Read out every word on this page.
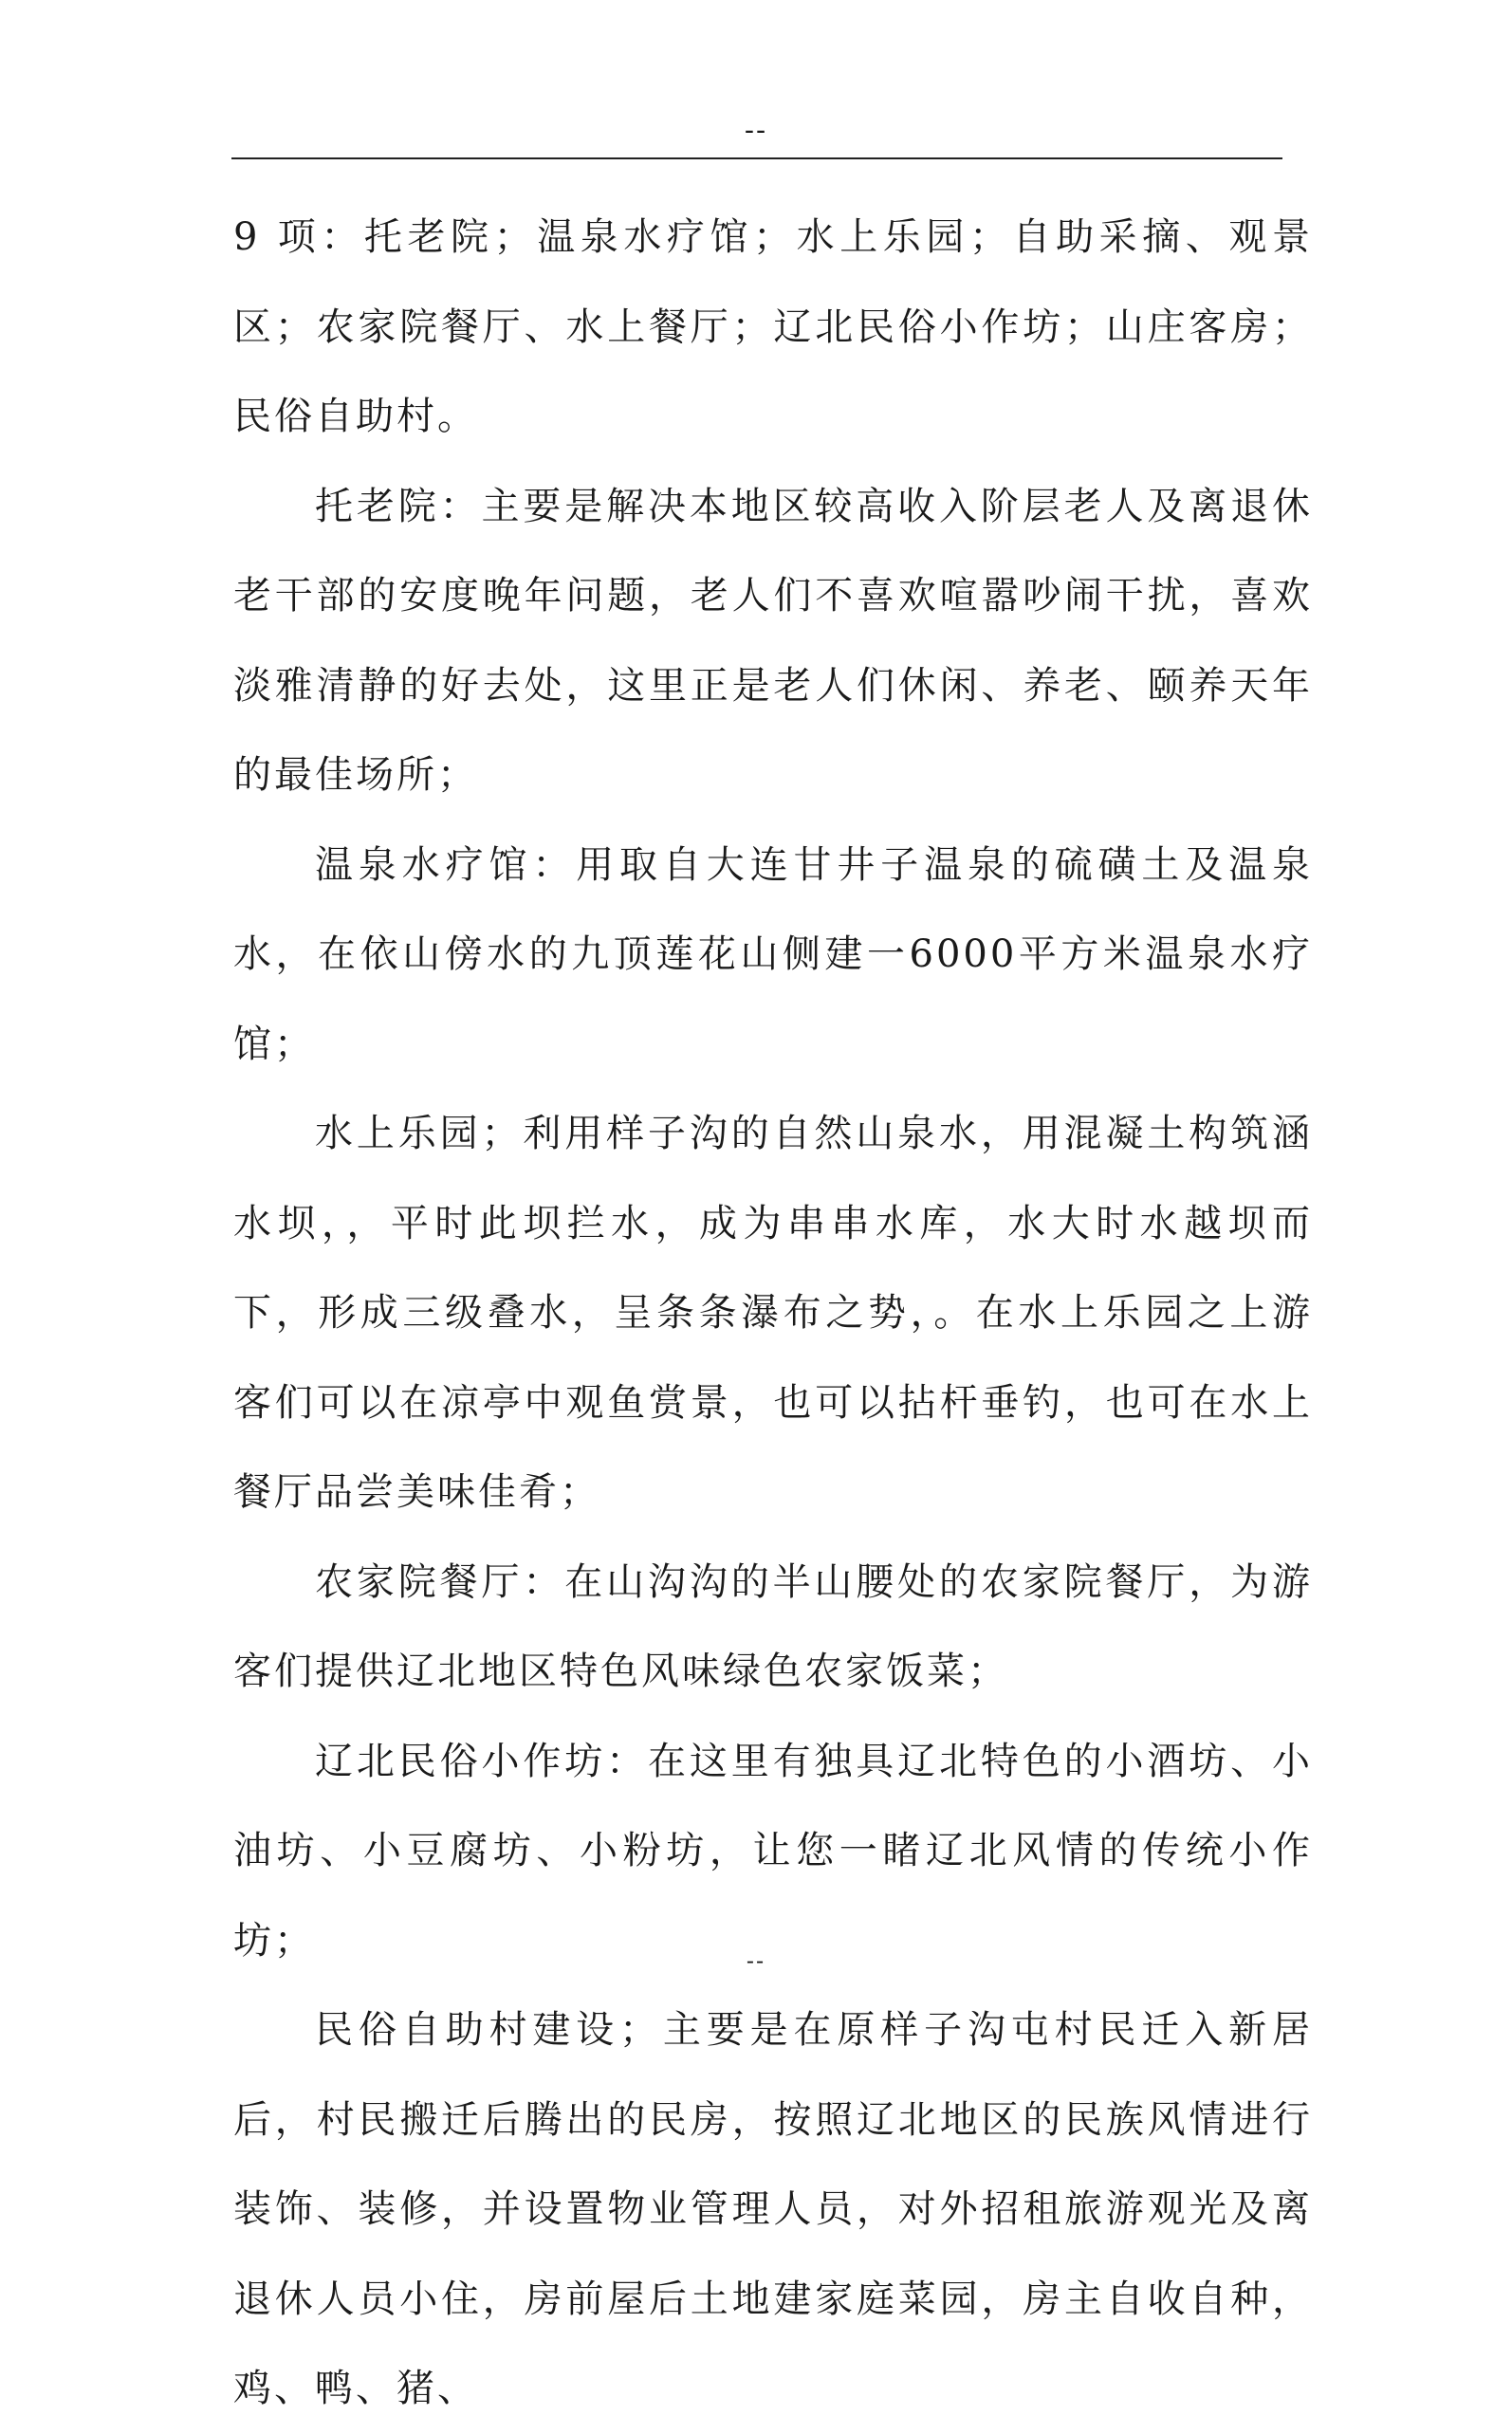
--

9 项：托老院；温泉水疗馆；水上乐园；自助采摘、观景区；农家院餐厅、水上餐厅；辽北民俗小作坊；山庄客房；民俗自助村。

托老院：主要是解决本地区较高收入阶层老人及离退休老干部的安度晚年问题，老人们不喜欢喧嚣吵闹干扰，喜欢淡雅清静的好去处，这里正是老人们休闲、养老、颐养天年的最佳场所；

温泉水疗馆：用取自大连甘井子温泉的硫磺土及温泉水，在依山傍水的九顶莲花山侧建一6000平方米温泉水疗馆；

水上乐园；利用样子沟的自然山泉水，用混凝土构筑涵水坝，，平时此坝拦水，成为串串水库，水大时水越坝而下，形成三级叠水，呈条条瀑布之势，。在水上乐园之上游客们可以在凉亭中观鱼赏景，也可以拈杆垂钓，也可在水上餐厅品尝美味佳肴；

农家院餐厅：在山沟沟的半山腰处的农家院餐厅，为游客们提供辽北地区特色风味绿色农家饭菜；

辽北民俗小作坊：在这里有独具辽北特色的小酒坊、小油坊、小豆腐坊、小粉坊，让您一睹辽北风情的传统小作坊；

民俗自助村建设；主要是在原样子沟屯村民迁入新居后，村民搬迁后腾出的民房，按照辽北地区的民族风情进行装饰、装修，并设置物业管理人员，对外招租旅游观光及离退休人员小住，房前屋后土地建家庭菜园，房主自收自种，鸡、鸭、猪、

--
